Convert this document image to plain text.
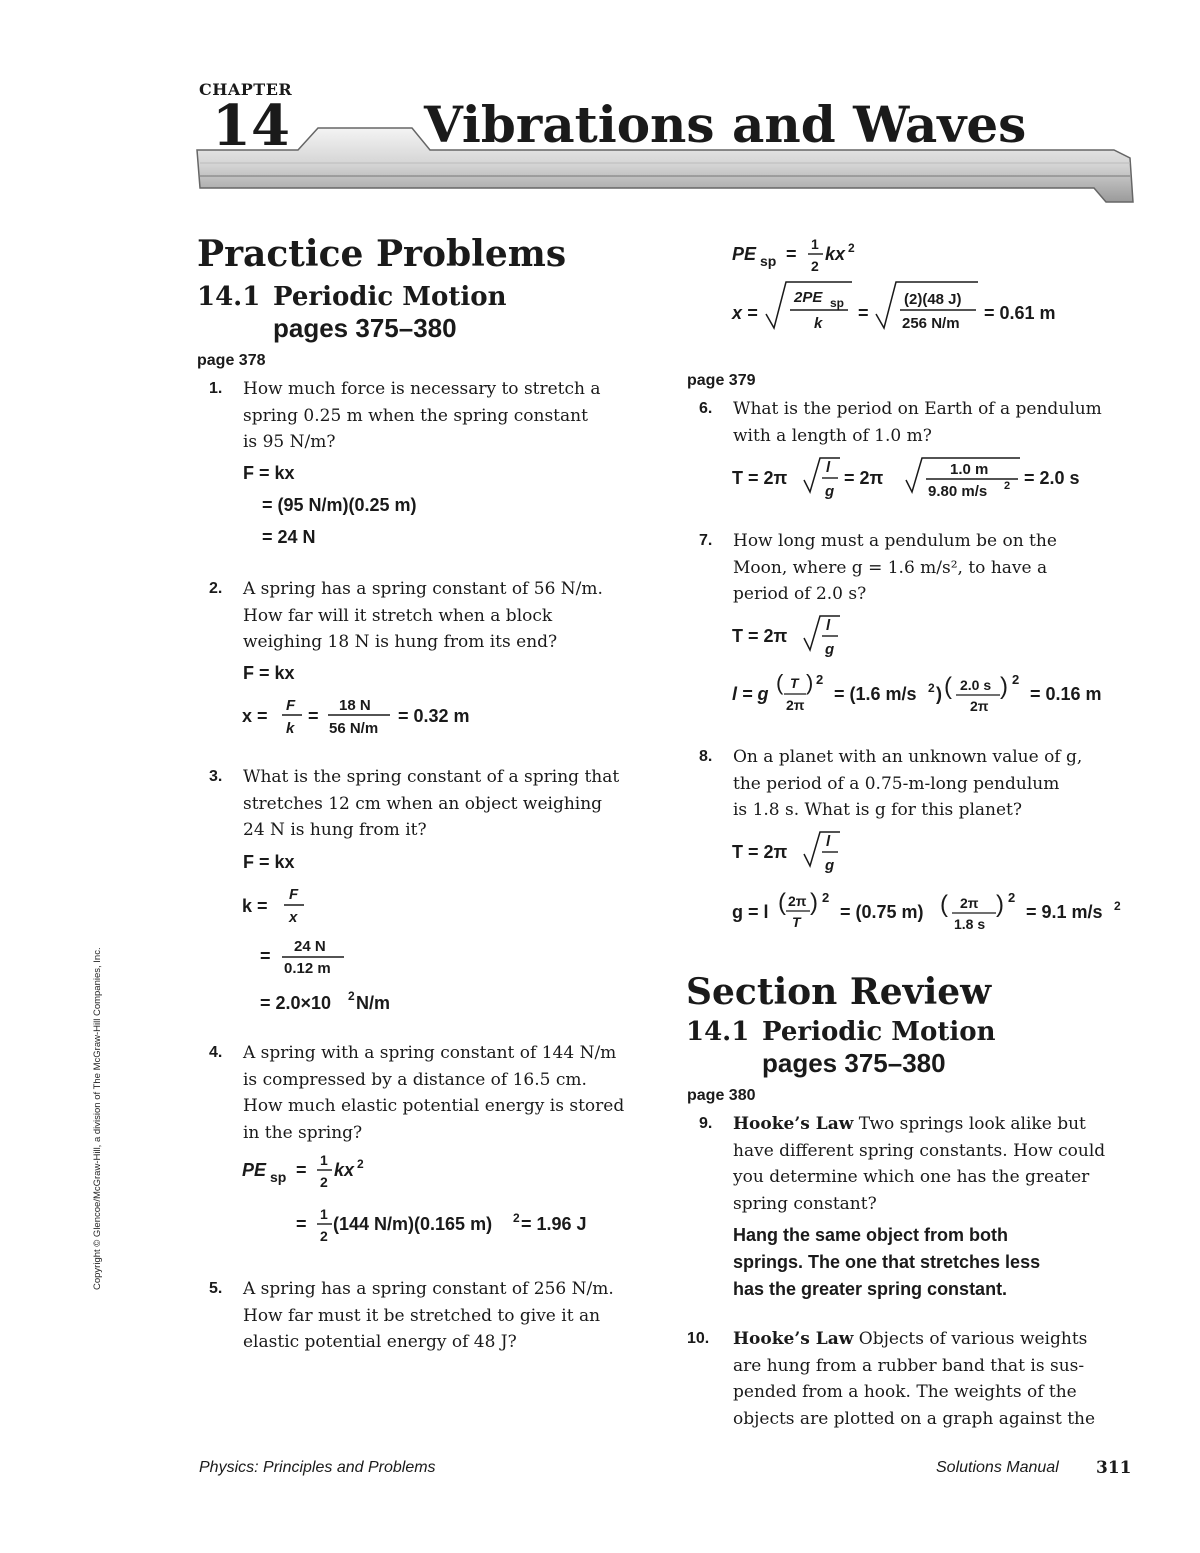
CHAPTER
14	Vibrations and Waves
Copyright © Glencoe/McGraw-Hill, a division of The McGraw-Hill Companies, Inc.
Practice Problems
14.1 Periodic Motion
pages 375–380
page 378
1. How much force is necessary to stretch a
spring 0.25 m when the spring constant
is 95 N/m?
F = kx
= (95 N/m)(0.25 m)
= 24 N
2. A spring has a spring constant of 56 N/m.
How far will it stretch when a block
weighing 18 N is hung from its end?
F = kx
x =
F
k
=
18 N
56 N/m
= 0.32 m
3. What is the spring constant of a spring that
stretches 12 cm when an object weighing
24 N is hung from it?
F = kx
k =
F
x
= 24 N
0.12 m
= 2.0×10 2 N/m
4. A spring with a spring constant of 144 N/m
is compressed by a distance of 16.5 cm.
How much elastic potential energy is stored
in the spring?
PE sp = 1
2
kx 2
= 1
2
(144 N/m)(0.165 m) 2 = 1.96 J
5. A spring has a spring constant of 256 N/m.
How far must it be stretched to give it an
elastic potential energy of 48 J?
PE sp = 1
2
kx 2
x =
2PE sp
k
=
(2)(48 J)
256 N/m
= 0.61 m
page 379
6. What is the period on Earth of a pendulum
with a length of 1.0 m?
T = 2π
l
g
= 2π	1.0 m
9.80 m/s 2 = 2.0 s
7. How long must a pendulum be on the
Moon, where g = 1.6 m/s², to have a
period of 2.0 s?
T = 2π
l
g
l = g ( T
2π
) 2
= (1.6 m/s 2 ) ( 2.0 s
2π
) 2
= 0.16 m
8. On a planet with an unknown value of g,
the period of a 0.75-m-long pendulum
is 1.8 s. What is g for this planet?
T = 2π
l
g
g = l ( 2π
T
) 2
= (0.75 m) ( 2π
1.8 s
) 2
= 9.1 m/s 2
Section Review
14.1 Periodic Motion
pages 375–380
page 380
9. Hooke’s Law Two springs look alike but
have different spring constants. How could
you determine which one has the greater
spring constant?
Hang the same object from both
springs. The one that stretches less
has the greater spring constant.
10. Hooke’s Law Objects of various weights
are hung from a rubber band that is sus-
pended from a hook. The weights of the
objects are plotted on a graph against the
Physics: Principles and Problems	Solutions Manual 311
